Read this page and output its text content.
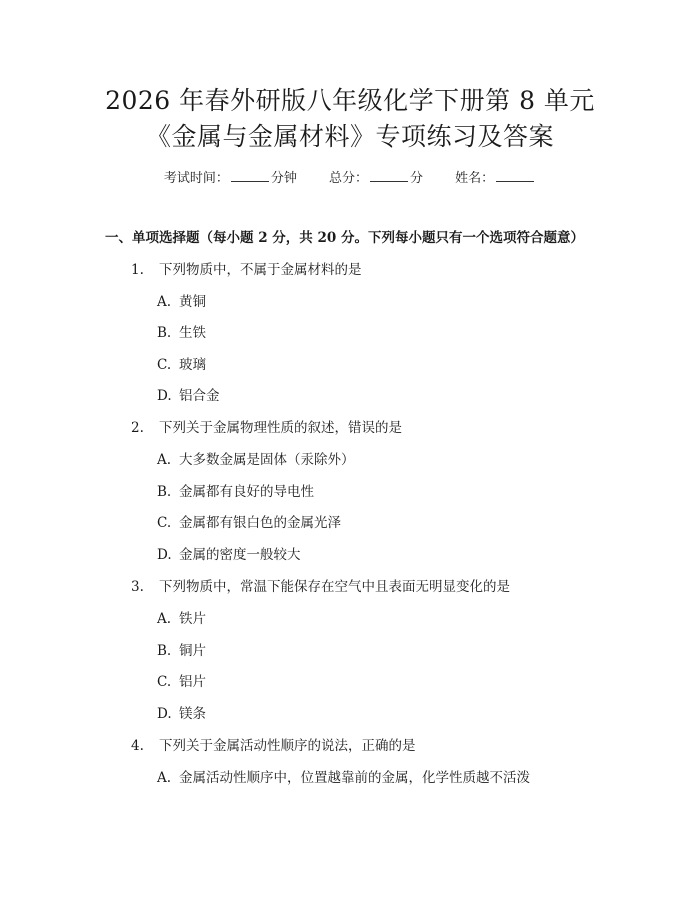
2026 年春外研版八年级化学下册第 8 单元
《金属与金属材料》专项练习及答案
考试时间：	分钟 总分：	分 姓名：
一、单项选择题（每小题 2 分，共 20 分。下列每小题只有一个选项符合题意）
1. 下列物质中，不属于金属材料的是
A. 黄铜
B. 生铁
C. 玻璃
D. 铝合金
2. 下列关于金属物理性质的叙述，错误的是
A. 大多数金属是固体（汞除外）
B. 金属都有良好的导电性
C. 金属都有银白色的金属光泽
D. 金属的密度一般较大
3. 下列物质中，常温下能保存在空气中且表面无明显变化的是
A. 铁片
B. 铜片
C. 铝片
D. 镁条
4. 下列关于金属活动性顺序的说法，正确的是
A. 金属活动性顺序中，位置越靠前的金属，化学性质越不活泼
